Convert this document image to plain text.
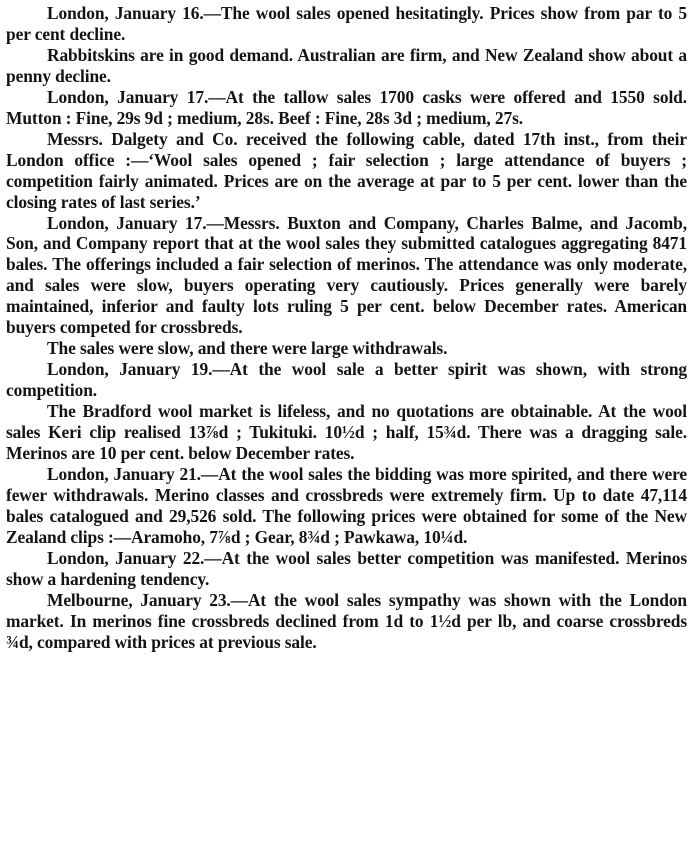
London, January 16.—The wool sales opened hesitatingly. Prices show from par to 5 per cent decline.

Rabbitskins are in good demand. Australian are firm, and New Zealand show about a penny decline.

London, January 17.—At the tallow sales 1700 casks were offered and 1550 sold. Mutton : Fine, 29s 9d ; medium, 28s. Beef : Fine, 28s 3d ; medium, 27s.

Messrs. Dalgety and Co. received the following cable, dated 17th inst., from their London office :—‘Wool sales opened ; fair selection ; large attendance of buyers ; competition fairly animated. Prices are on the average at par to 5 per cent. lower than the closing rates of last series.’

London, January 17.—Messrs. Buxton and Company, Charles Balme, and Jacomb, Son, and Company report that at the wool sales they submitted catalogues aggregating 8471 bales. The offerings included a fair selection of merinos. The attendance was only moderate, and sales were slow, buyers operating very cautiously. Prices generally were barely maintained, inferior and faulty lots ruling 5 per cent. below December rates. American buyers competed for crossbreds.

The sales were slow, and there were large withdrawals.

London, January 19.—At the wool sale a better spirit was shown, with strong competition.

The Bradford wool market is lifeless, and no quotations are obtainable. At the wool sales Keri clip realised 13⅞d ; Tukituki. 10½d ; half, 15¾d. There was a dragging sale. Merinos are 10 per cent. below December rates.

London, January 21.—At the wool sales the bidding was more spirited, and there were fewer withdrawals. Merino classes and crossbreds were extremely firm. Up to date 47,114 bales catalogued and 29,526 sold. The following prices were obtained for some of the New Zealand clips :—Aramoho, 7⅞d ; Gear, 8¾d ; Pawkawa, 10¼d.

London, January 22.—At the wool sales better competition was manifested. Merinos show a hardening tendency.

Melbourne, January 23.—At the wool sales sympathy was shown with the London market. In merinos fine crossbreds declined from 1d to 1½d per lb, and coarse crossbreds ¾d, compared with prices at previous sale.
